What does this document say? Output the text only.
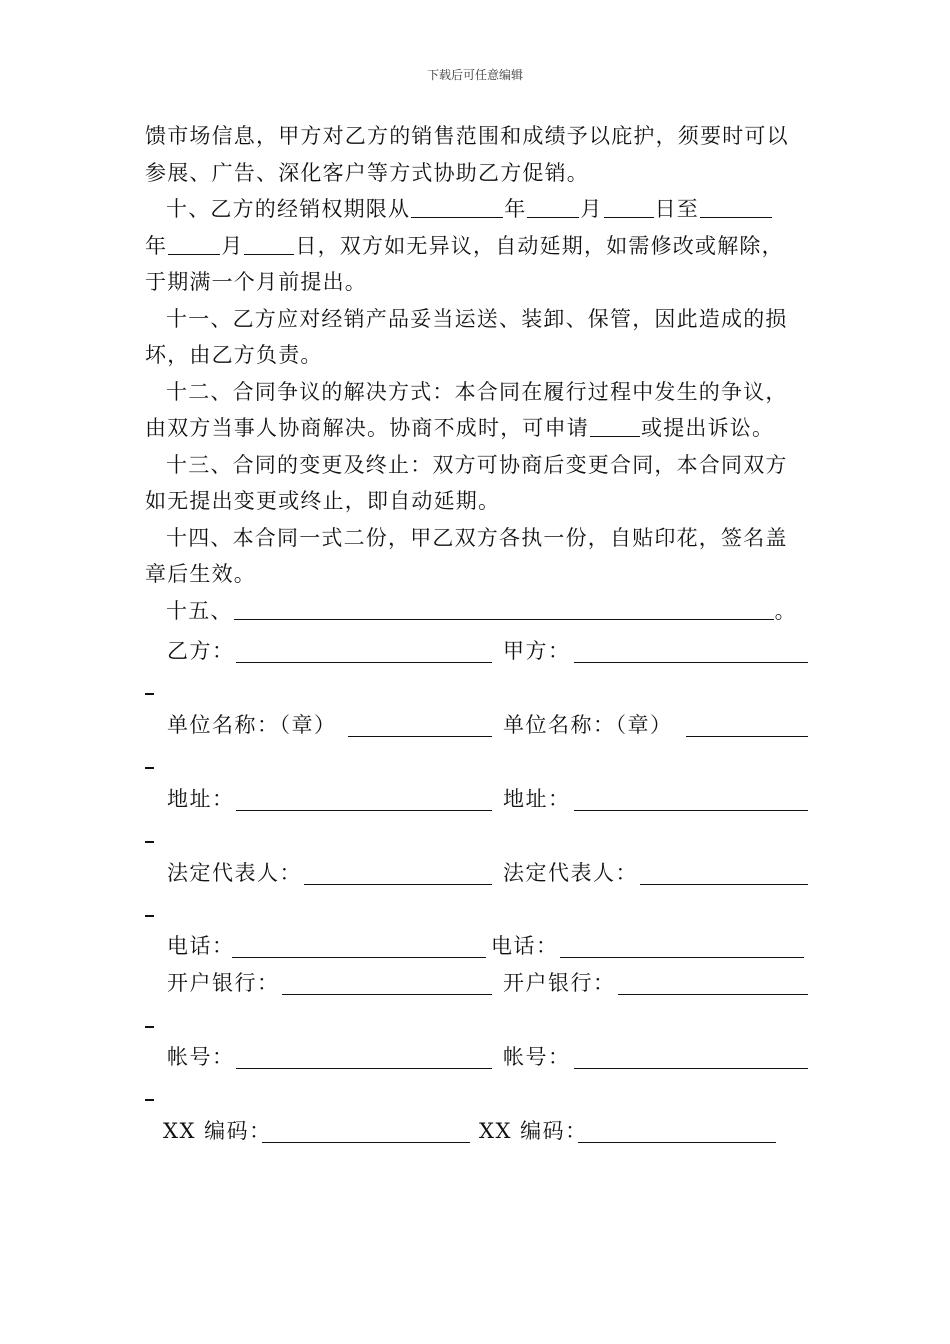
下载后可任意编辑
馈市场信息，甲方对乙方的销售范围和成绩予以庇护，须要时可以
参展、广告、深化客户等方式协助乙方促销。
十、乙方的经销权期限从	年	月 日至
年	月 日，双方如无异议，自动延期，如需修改或解除，
于期满一个月前提出。
十一、乙方应对经销产品妥当运送、装卸、保管，因此造成的损
坏，由乙方负责。
十二、合同争议的解决方式：本合同在履行过程中发生的争议，
由双方当事人协商解决。协商不成时，可申请 或提出诉讼。
十三、合同的变更及终止：双方可协商后变更合同，本合同双方
如无提出变更或终止，即自动延期。
十四、本合同一式二份，甲乙双方各执一份，自贴印花，签名盖
章后生效。
十五、	。
乙方：	甲方：
单位名称：（章）	单位名称：（章）
地址：	地址：
法定代表人：	法定代表人：
电话：	电话：
开户银行：	开户银行：
帐号：	帐号：
XX 编码：	XX 编码：
